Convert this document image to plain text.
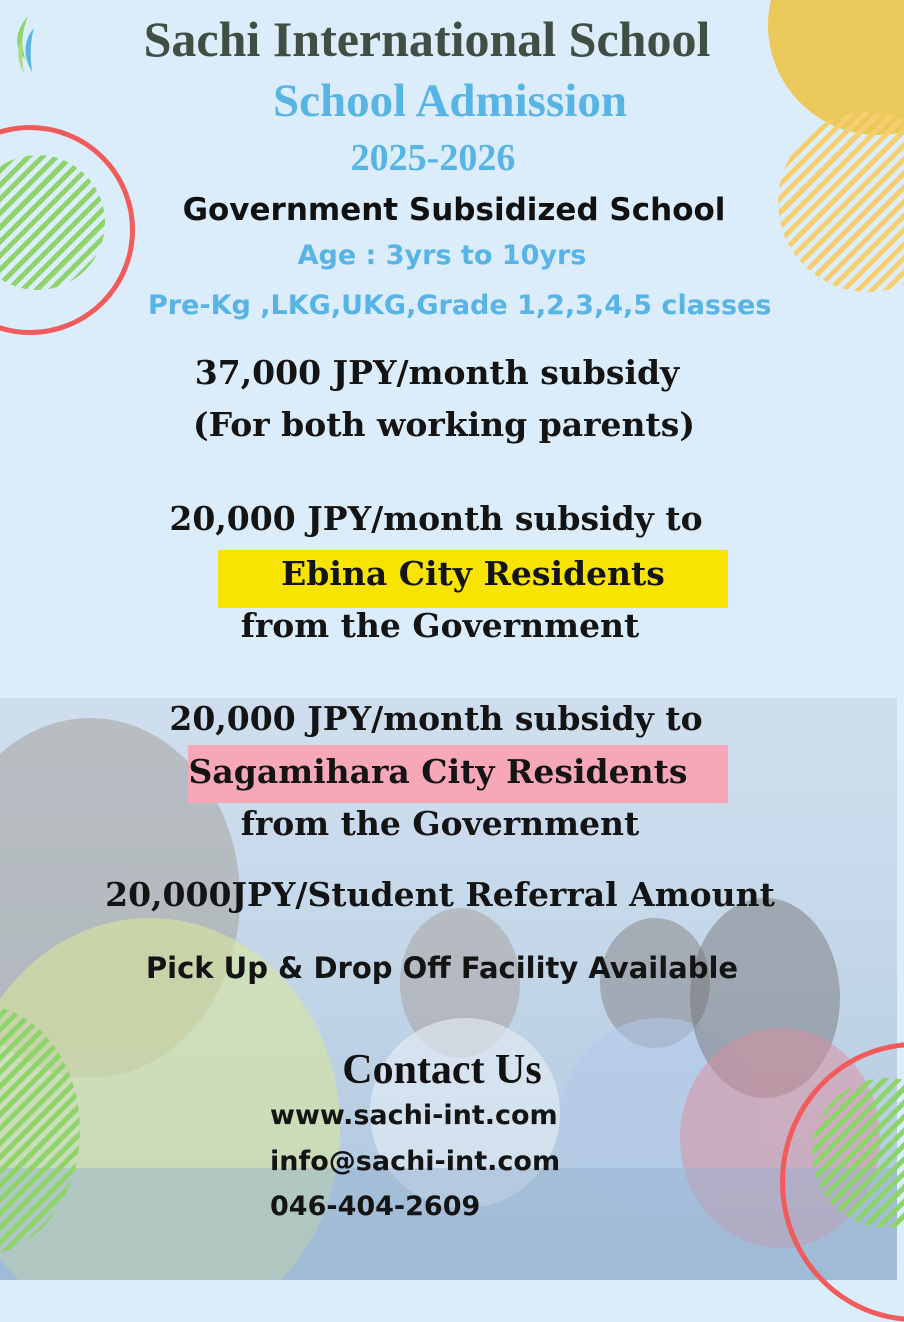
Sachi International School
School Admission
2025-2026
Government Subsidized School
Age : 3yrs to 10yrs
Pre-Kg ,LKG,UKG,Grade 1,2,3,4,5 classes
37,000 JPY/month subsidy
(For both working parents)
20,000 JPY/month subsidy to
Ebina City Residents
from the Government
20,000 JPY/month subsidy to
Sagamihara City Residents
from the Government
20,000JPY/Student Referral Amount
Pick Up & Drop Off Facility Available
Contact Us
www.sachi-int.com
info@sachi-int.com
046-404-2609
